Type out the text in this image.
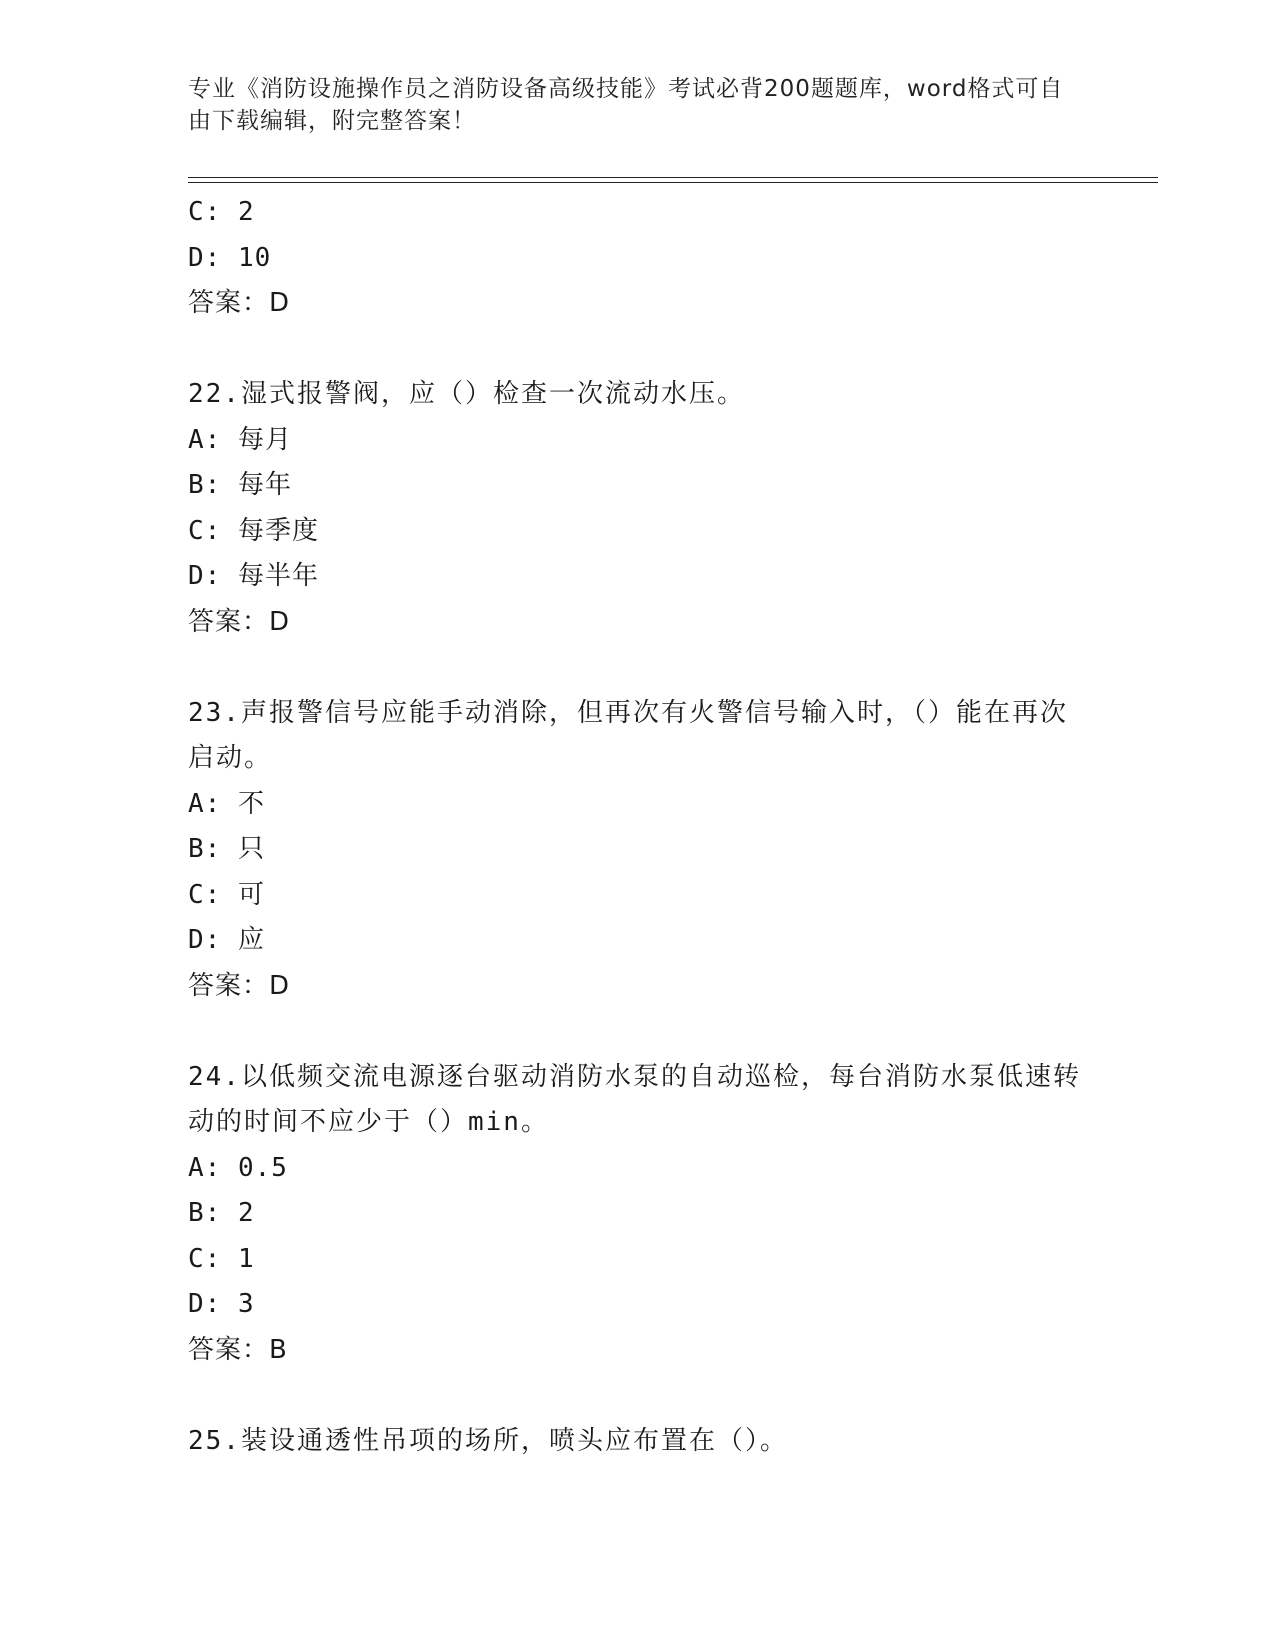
专业《消防设施操作员之消防设备高级技能》考试必背200题题库，word格式可自由下载编辑，附完整答案！
C: 2
D: 10
答案：D
22.湿式报警阀，应（）检查一次流动水压。
A: 每月
B: 每年
C: 每季度
D: 每半年
答案：D
23.声报警信号应能手动消除，但再次有火警信号输入时，（）能在再次启动。
A: 不
B: 只
C: 可
D: 应
答案：D
24.以低频交流电源逐台驱动消防水泵的自动巡检，每台消防水泵低速转动的时间不应少于（）min。
A: 0.5
B: 2
C: 1
D: 3
答案：B
25.装设通透性吊项的场所，喷头应布置在（）。
